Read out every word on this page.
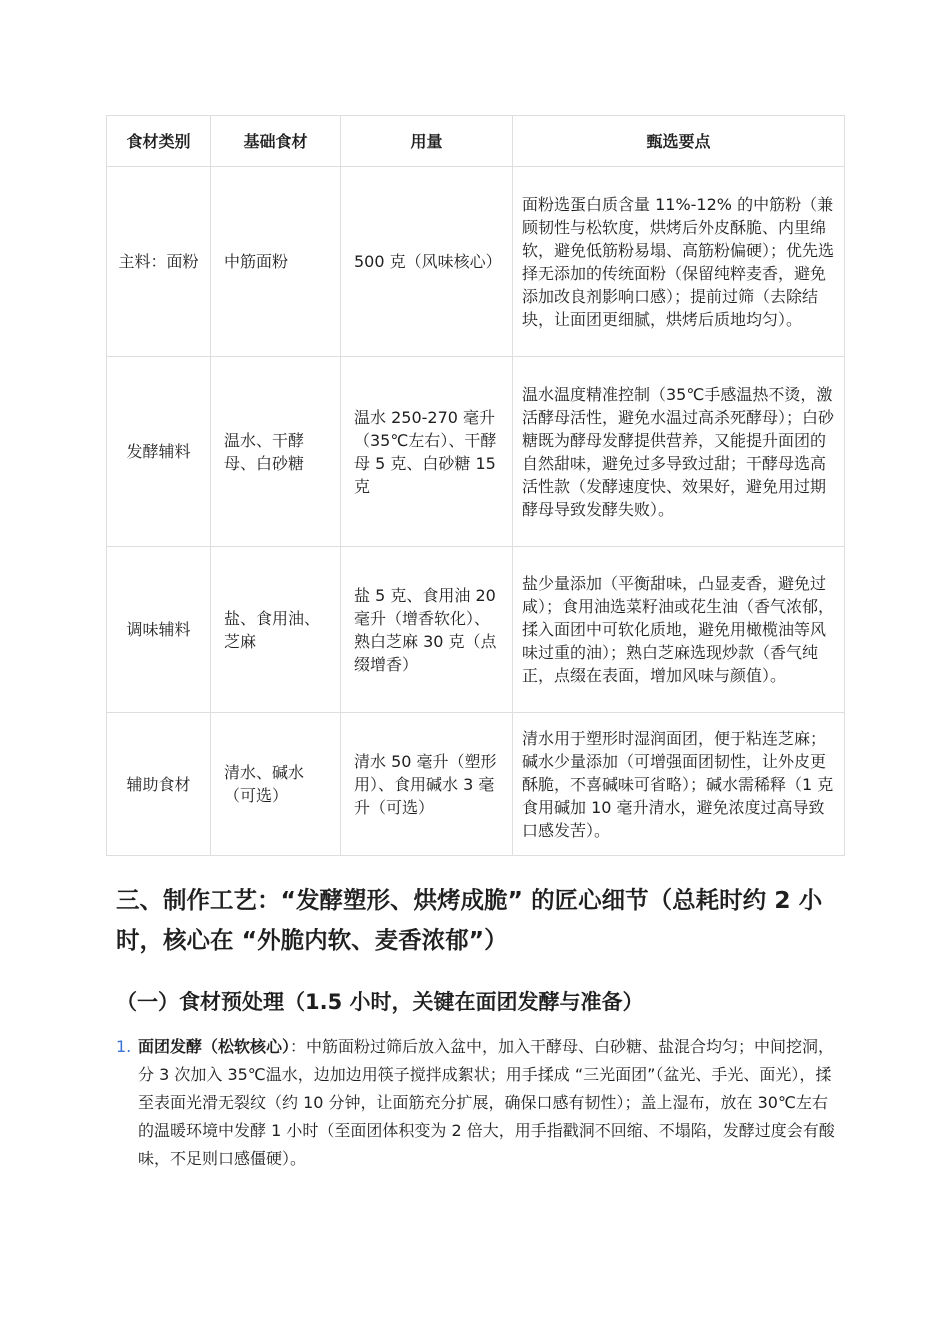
食材类别	基础食材	用量	甄选要点
主料：面粉	中筋面粉	500 克（风味核心）	面粉选蛋白质含量 11%-12% 的中筋粉（兼顾韧性与松软度，烘烤后外皮酥脆、内里绵软，避免低筋粉易塌、高筋粉偏硬）；优先选择无添加的传统面粉（保留纯粹麦香，避免添加改良剂影响口感）；提前过筛（去除结块，让面团更细腻，烘烤后质地均匀）。
发酵辅料	温水、干酵母、白砂糖	温水 250-270 毫升（35℃左右）、干酵母 5 克、白砂糖 15 克	温水温度精准控制（35℃手感温热不烫，激活酵母活性，避免水温过高杀死酵母）；白砂糖既为酵母发酵提供营养，又能提升面团的自然甜味，避免过多导致过甜；干酵母选高活性款（发酵速度快、效果好，避免用过期酵母导致发酵失败）。
调味辅料	盐、食用油、芝麻	盐 5 克、食用油 20 毫升（增香软化）、熟白芝麻 30 克（点缀增香）	盐少量添加（平衡甜味，凸显麦香，避免过咸）；食用油选菜籽油或花生油（香气浓郁，揉入面团中可软化质地，避免用橄榄油等风味过重的油）；熟白芝麻选现炒款（香气纯正，点缀在表面，增加风味与颜值）。
辅助食材	清水、碱水（可选）	清水 50 毫升（塑形用）、食用碱水 3 毫升（可选）	清水用于塑形时湿润面团，便于粘连芝麻；碱水少量添加（可增强面团韧性，让外皮更酥脆，不喜碱味可省略）；碱水需稀释（1 克食用碱加 10 毫升清水，避免浓度过高导致口感发苦）。
三、制作工艺：“发酵塑形、烘烤成脆” 的匠心细节（总耗时约 2 小时，核心在 “外脆内软、麦香浓郁”）
（一）食材预处理（1.5 小时，关键在面团发酵与准备）
1. 面团发酵（松软核心）：中筋面粉过筛后放入盆中，加入干酵母、白砂糖、盐混合均匀；中间挖洞，分 3 次加入 35℃温水，边加边用筷子搅拌成絮状；用手揉成 “三光面团”（盆光、手光、面光），揉至表面光滑无裂纹（约 10 分钟，让面筋充分扩展，确保口感有韧性）；盖上湿布，放在 30℃左右的温暖环境中发酵 1 小时（至面团体积变为 2 倍大，用手指戳洞不回缩、不塌陷，发酵过度会有酸味，不足则口感僵硬）。
